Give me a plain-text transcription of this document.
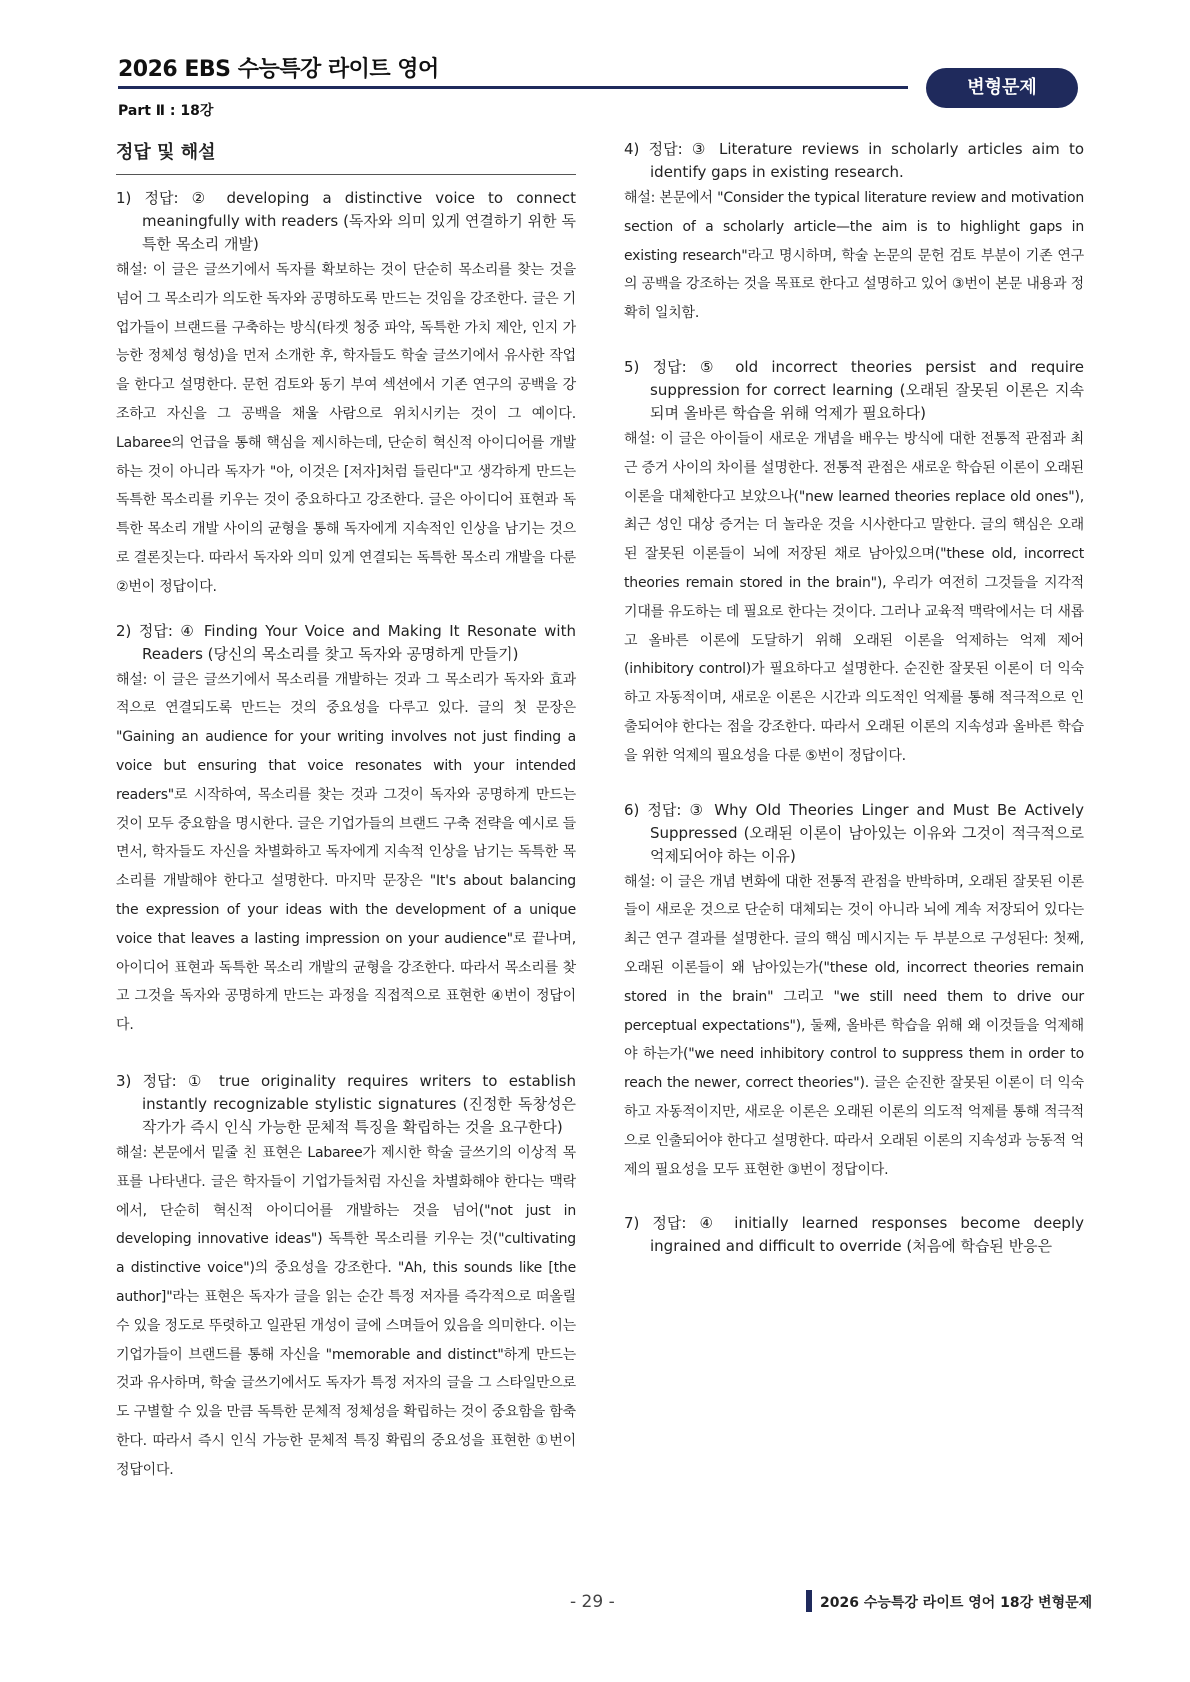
2026 EBS 수능특강 라이트 영어
변형문제
Part Ⅱ : 18강
정답 및 해설

1) 정답: ② developing a distinctive voice to connect meaningfully with readers (독자와 의미 있게 연결하기 위한 독특한 목소리 개발)

해설: 이 글은 글쓰기에서 독자를 확보하는 것이 단순히 목소리를 찾는 것을 넘어 그 목소리가 의도한 독자와 공명하도록 만드는 것임을 강조한다. 글은 기업가들이 브랜드를 구축하는 방식(타겟 청중 파악, 독특한 가치 제안, 인지 가능한 정체성 형성)을 먼저 소개한 후, 학자들도 학술 글쓰기에서 유사한 작업을 한다고 설명한다. 문헌 검토와 동기 부여 섹션에서 기존 연구의 공백을 강조하고 자신을 그 공백을 채울 사람으로 위치시키는 것이 그 예이다. Labaree의 언급을 통해 핵심을 제시하는데, 단순히 혁신적 아이디어를 개발하는 것이 아니라 독자가 "아, 이것은 [저자]처럼 들린다"고 생각하게 만드는 독특한 목소리를 키우는 것이 중요하다고 강조한다. 글은 아이디어 표현과 독특한 목소리 개발 사이의 균형을 통해 독자에게 지속적인 인상을 남기는 것으로 결론짓는다. 따라서 독자와 의미 있게 연결되는 독특한 목소리 개발을 다룬 ②번이 정답이다.

2) 정답: ④ Finding Your Voice and Making It Resonate with Readers (당신의 목소리를 찾고 독자와 공명하게 만들기)

해설: 이 글은 글쓰기에서 목소리를 개발하는 것과 그 목소리가 독자와 효과적으로 연결되도록 만드는 것의 중요성을 다루고 있다. 글의 첫 문장은 "Gaining an audience for your writing involves not just finding a voice but ensuring that voice resonates with your intended readers"로 시작하여, 목소리를 찾는 것과 그것이 독자와 공명하게 만드는 것이 모두 중요함을 명시한다. 글은 기업가들의 브랜드 구축 전략을 예시로 들면서, 학자들도 자신을 차별화하고 독자에게 지속적 인상을 남기는 독특한 목소리를 개발해야 한다고 설명한다. 마지막 문장은 "It's about balancing the expression of your ideas with the development of a unique voice that leaves a lasting impression on your audience"로 끝나며, 아이디어 표현과 독특한 목소리 개발의 균형을 강조한다. 따라서 목소리를 찾고 그것을 독자와 공명하게 만드는 과정을 직접적으로 표현한 ④번이 정답이다.

3) 정답: ① true originality requires writers to establish instantly recognizable stylistic signatures (진정한 독창성은 작가가 즉시 인식 가능한 문체적 특징을 확립하는 것을 요구한다)

해설: 본문에서 밑줄 친 표현은 Labaree가 제시한 학술 글쓰기의 이상적 목표를 나타낸다. 글은 학자들이 기업가들처럼 자신을 차별화해야 한다는 맥락에서, 단순히 혁신적 아이디어를 개발하는 것을 넘어("not just in developing innovative ideas") 독특한 목소리를 키우는 것("cultivating a distinctive voice")의 중요성을 강조한다. "Ah, this sounds like [the author]"라는 표현은 독자가 글을 읽는 순간 특정 저자를 즉각적으로 떠올릴 수 있을 정도로 뚜렷하고 일관된 개성이 글에 스며들어 있음을 의미한다. 이는 기업가들이 브랜드를 통해 자신을 "memorable and distinct"하게 만드는 것과 유사하며, 학술 글쓰기에서도 독자가 특정 저자의 글을 그 스타일만으로도 구별할 수 있을 만큼 독특한 문체적 정체성을 확립하는 것이 중요함을 함축한다. 따라서 즉시 인식 가능한 문체적 특징 확립의 중요성을 표현한 ①번이 정답이다.

4) 정답: ③ Literature reviews in scholarly articles aim to identify gaps in existing research.

해설: 본문에서 "Consider the typical literature review and motivation section of a scholarly article—the aim is to highlight gaps in existing research"라고 명시하며, 학술 논문의 문헌 검토 부분이 기존 연구의 공백을 강조하는 것을 목표로 한다고 설명하고 있어 ③번이 본문 내용과 정확히 일치함.

5) 정답: ⑤ old incorrect theories persist and require suppression for correct learning (오래된 잘못된 이론은 지속되며 올바른 학습을 위해 억제가 필요하다)

해설: 이 글은 아이들이 새로운 개념을 배우는 방식에 대한 전통적 관점과 최근 증거 사이의 차이를 설명한다. 전통적 관점은 새로운 학습된 이론이 오래된 이론을 대체한다고 보았으나("new learned theories replace old ones"), 최근 성인 대상 증거는 더 놀라운 것을 시사한다고 말한다. 글의 핵심은 오래된 잘못된 이론들이 뇌에 저장된 채로 남아있으며("these old, incorrect theories remain stored in the brain"), 우리가 여전히 그것들을 지각적 기대를 유도하는 데 필요로 한다는 것이다. 그러나 교육적 맥락에서는 더 새롭고 올바른 이론에 도달하기 위해 오래된 이론을 억제하는 억제 제어(inhibitory control)가 필요하다고 설명한다. 순진한 잘못된 이론이 더 익숙하고 자동적이며, 새로운 이론은 시간과 의도적인 억제를 통해 적극적으로 인출되어야 한다는 점을 강조한다. 따라서 오래된 이론의 지속성과 올바른 학습을 위한 억제의 필요성을 다룬 ⑤번이 정답이다.

6) 정답: ③ Why Old Theories Linger and Must Be Actively Suppressed (오래된 이론이 남아있는 이유와 그것이 적극적으로 억제되어야 하는 이유)

해설: 이 글은 개념 변화에 대한 전통적 관점을 반박하며, 오래된 잘못된 이론들이 새로운 것으로 단순히 대체되는 것이 아니라 뇌에 계속 저장되어 있다는 최근 연구 결과를 설명한다. 글의 핵심 메시지는 두 부분으로 구성된다: 첫째, 오래된 이론들이 왜 남아있는가("these old, incorrect theories remain stored in the brain" 그리고 "we still need them to drive our perceptual expectations"), 둘째, 올바른 학습을 위해 왜 이것들을 억제해야 하는가("we need inhibitory control to suppress them in order to reach the newer, correct theories"). 글은 순진한 잘못된 이론이 더 익숙하고 자동적이지만, 새로운 이론은 오래된 이론의 의도적 억제를 통해 적극적으로 인출되어야 한다고 설명한다. 따라서 오래된 이론의 지속성과 능동적 억제의 필요성을 모두 표현한 ③번이 정답이다.

7) 정답: ④ initially learned responses become deeply ingrained and difficult to override (처음에 학습된 반응은

- 29 -	2026 수능특강 라이트 영어 18강 변형문제
